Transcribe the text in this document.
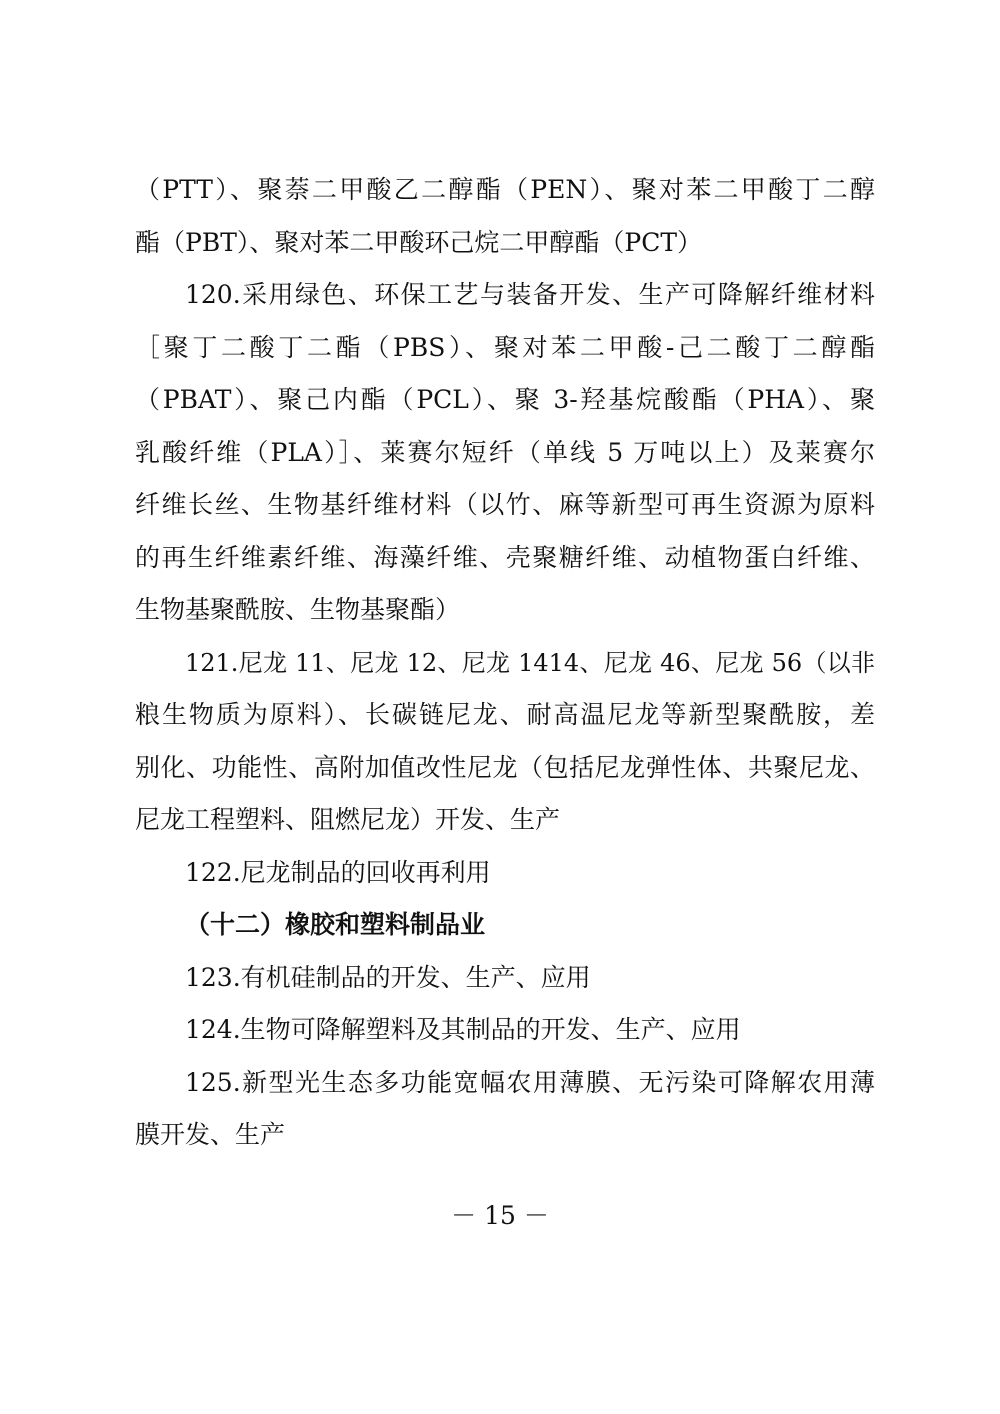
（PTT）、聚萘二甲酸乙二醇酯（PEN）、聚对苯二甲酸丁二醇
酯（PBT）、聚对苯二甲酸环己烷二甲醇酯（PCT）
120.采用绿色、环保工艺与装备开发、生产可降解纤维材料
［聚丁二酸丁二酯（PBS）、聚对苯二甲酸-己二酸丁二醇酯
（PBAT）、聚己内酯（PCL）、聚 3-羟基烷酸酯（PHA）、聚
乳酸纤维（PLA）］、莱赛尔短纤（单线 5 万吨以上）及莱赛尔
纤维长丝、生物基纤维材料（以竹、麻等新型可再生资源为原料
的再生纤维素纤维、海藻纤维、壳聚糖纤维、动植物蛋白纤维、
生物基聚酰胺、生物基聚酯）
121.尼龙 11、尼龙 12、尼龙 1414、尼龙 46、尼龙 56（以非
粮生物质为原料）、长碳链尼龙、耐高温尼龙等新型聚酰胺，差
别化、功能性、高附加值改性尼龙（包括尼龙弹性体、共聚尼龙、
尼龙工程塑料、阻燃尼龙）开发、生产
122.尼龙制品的回收再利用
（十二）橡胶和塑料制品业
123.有机硅制品的开发、生产、应用
124.生物可降解塑料及其制品的开发、生产、应用
125.新型光生态多功能宽幅农用薄膜、无污染可降解农用薄
膜开发、生产
－ 15 －
